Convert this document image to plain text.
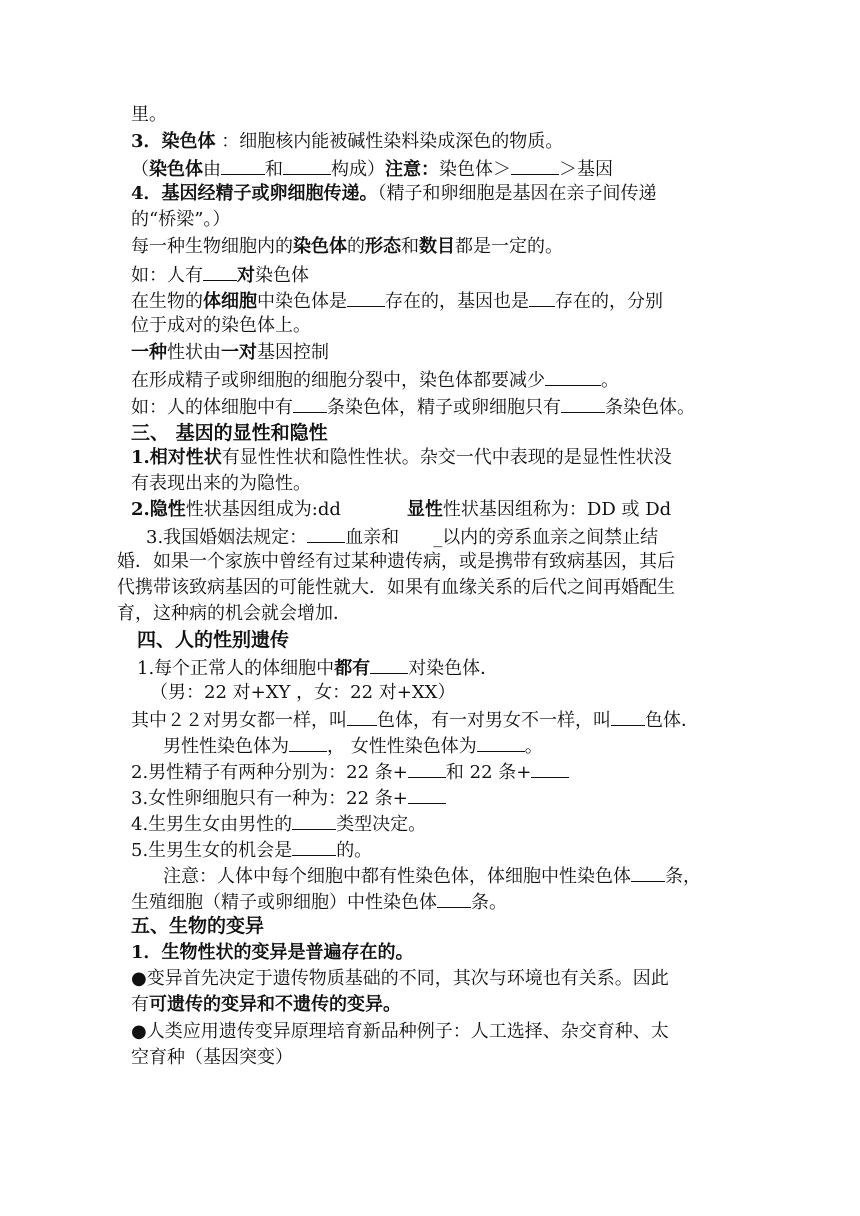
里。
3．染色体 ：细胞核内能被碱性染料染成深色的物质。
（染色体由 和	构成）注意：染色体＞	＞基因
4．基因经精子或卵细胞传递。（精子和卵细胞是基因在亲子间传递
的“桥梁”。）
每一种生物细胞内的染色体的形态和数目都是一定的。
如：人有 对染色体
在生物的体细胞中染色体是 存在的，基因也是 存在的，分别
位于成对的染色体上。
一种性状由一对基因控制
在形成精子或卵细胞的细胞分裂中，染色体都要减少	。
如：人的体细胞中有 条染色体，精子或卵细胞只有 条染色体。
三、 基因的显性和隐性
1.相对性状有显性性状和隐性性状。杂交一代中表现的是显性性状没
有表现出来的为隐性。
2.隐性性状基因组成为:dd	显性性状基因组称为：DD 或 Dd
3.我国婚姻法规定： 血亲和 _以内的旁系血亲之间禁止结
婚．如果一个家族中曾经有过某种遗传病，或是携带有致病基因，其后
代携带该致病基因的可能性就大．如果有血缘关系的后代之间再婚配生
育，这种病的机会就会增加．
四、人的性别遗传
1.每个正常人的体细胞中都有 对染色体．
（男：22 对+XY ，女：22 对+XX）
其中２２对男女都一样，叫 色体，有一对男女不一样，叫 色体．
男性性染色体为 ， 女性性染色体为	。
2.男性精子有两种分别为：22 条+ 和 22 条+
3.女性卵细胞只有一种为：22 条+
4.生男生女由男性的 类型决定。
5.生男生女的机会是 的。
注意：人体中每个细胞中都有性染色体，体细胞中性染色体 条，
生殖细胞（精子或卵细胞）中性染色体 条。
五、生物的变异
1．生物性状的变异是普遍存在的。
●变异首先决定于遗传物质基础的不同，其次与环境也有关系。因此
有可遗传的变异和不遗传的变异。
●人类应用遗传变异原理培育新品种例子：人工选择、杂交育种、太
空育种（基因突变）
